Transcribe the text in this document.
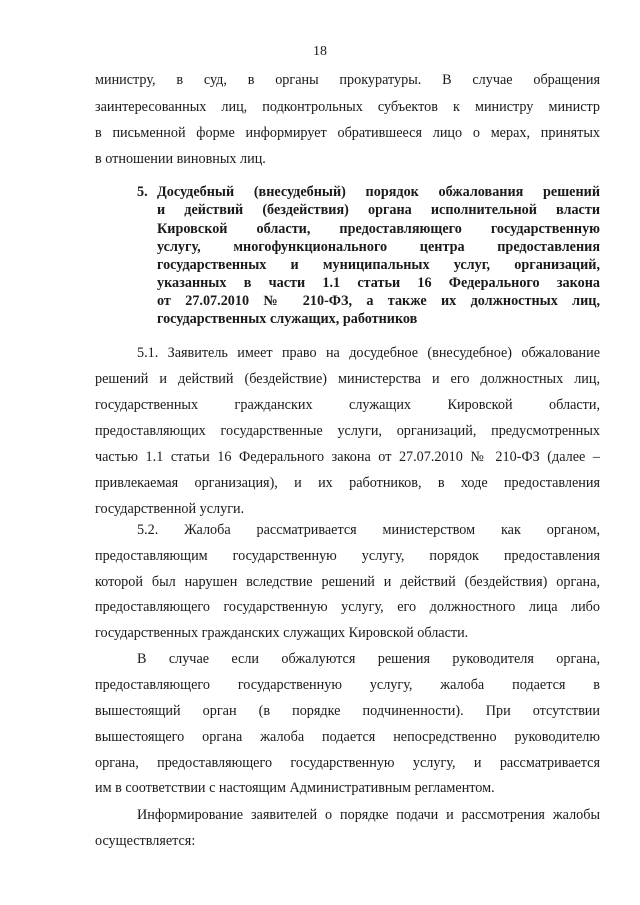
18
министру, в суд, в органы прокуратуры. В случае обращения
заинтересованных лиц, подконтрольных субъектов к министру министр
в письменной форме информирует обратившееся лицо о мерах, принятых
в отношении виновных лиц.
5. Досудебный (внесудебный) порядок обжалования решений
и действий (бездействия) органа исполнительной власти
Кировской области, предоставляющего государственную
услугу, многофункционального центра предоставления
государственных и муниципальных услуг, организаций,
указанных в части 1.1 статьи 16 Федерального закона
от 27.07.2010 № 210-ФЗ, а также их должностных лиц,
государственных служащих, работников
5.1. Заявитель имеет право на досудебное (внесудебное) обжалование
решений и действий (бездействие) министерства и его должностных лиц,
государственных гражданских служащих Кировской области,
предоставляющих государственные услуги, организаций, предусмотренных
частью 1.1 статьи 16 Федерального закона от 27.07.2010 № 210-ФЗ (далее –
привлекаемая организация), и их работников, в ходе предоставления
государственной услуги.
5.2. Жалоба рассматривается министерством как органом,
предоставляющим государственную услугу, порядок предоставления
которой был нарушен вследствие решений и действий (бездействия) органа,
предоставляющего государственную услугу, его должностного лица либо
государственных гражданских служащих Кировской области.
В случае если обжалуются решения руководителя органа,
предоставляющего государственную услугу, жалоба подается в
вышестоящий орган (в порядке подчиненности). При отсутствии
вышестоящего органа жалоба подается непосредственно руководителю
органа, предоставляющего государственную услугу, и рассматривается
им в соответствии с настоящим Административным регламентом.
Информирование заявителей о порядке подачи и рассмотрения жалобы
осуществляется:
